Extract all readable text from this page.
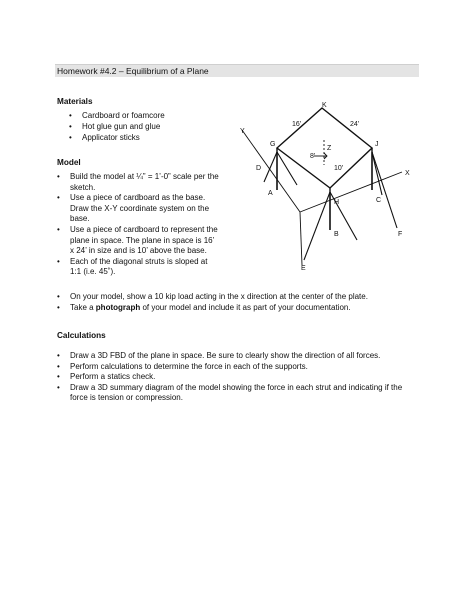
Homework #4.2 – Equilibrium of a Plane
Materials
• Cardboard or foamcore
• Hot glue gun and glue
• Applicator sticks
Model
• Build the model at ¼” = 1’-0” scale per the sketch.
• Use a piece of cardboard as the base. Draw the X-Y coordinate system on the base.
• Use a piece of cardboard to represent the plane in space. The plane in space is 16’ x 24’ in size and is 10’ above the base.
• Each of the diagonal struts is sloped at 1:1 (i.e. 45˚).
• On your model, show a 10 kip load acting in the x direction at the center of the plate.
• Take a photograph of your model and include it as part of your documentation.
Calculations
• Draw a 3D FBD of the plane in space. Be sure to clearly show the direction of all forces.
• Perform calculations to determine the force in each of the supports.
• Perform a statics check.
• Draw a 3D summary diagram of the model showing the force in each strut and indicating if the force is tension or compression.
Y
X
K
G	J
D
A
H	C
E
B	F
16'	24'
8'
Z
10'
